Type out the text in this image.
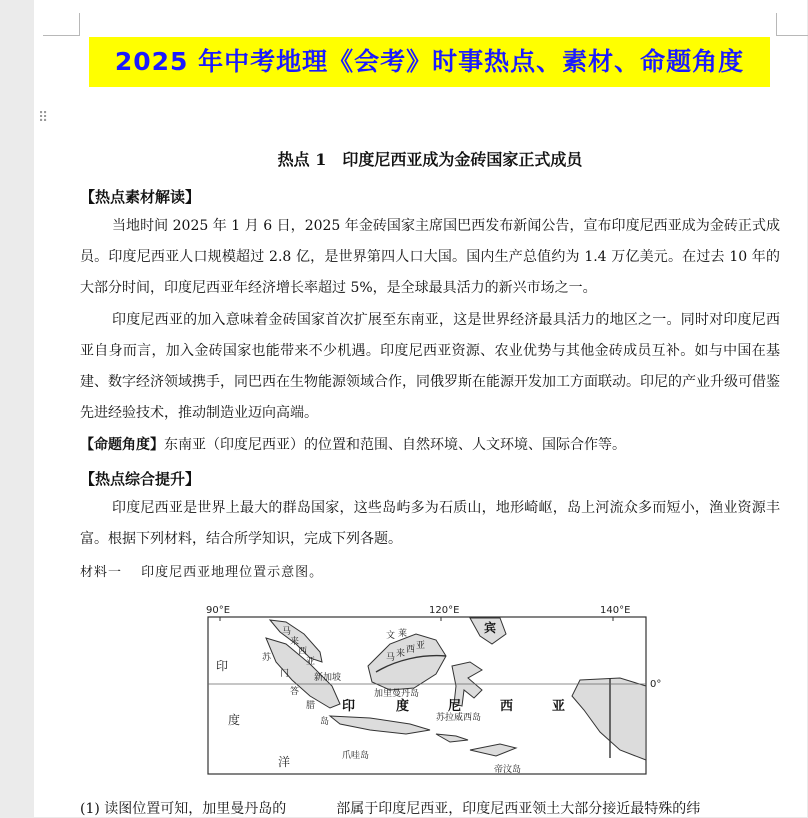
⠿
2025 年中考地理《会考》时事热点、素材、命题角度
热点 1　印度尼西亚成为金砖国家正式成员
【热点素材解读】
当地时间 2025 年 1 月 6 日，2025 年金砖国家主席国巴西发布新闻公告，宣布印度尼西亚成为金砖正式成员。印度尼西亚人口规模超过 2.8 亿，是世界第四人口大国。国内生产总值约为 1.4 万亿美元。在过去 10 年的大部分时间，印度尼西亚年经济增长率超过 5%，是全球最具活力的新兴市场之一。
印度尼西亚的加入意味着金砖国家首次扩展至东南亚，这是世界经济最具活力的地区之一。同时对印度尼西亚自身而言，加入金砖国家也能带来不少机遇。印度尼西亚资源、农业优势与其他金砖成员互补。如与中国在基建、数字经济领域携手，同巴西在生物能源领域合作，同俄罗斯在能源开发加工方面联动。印尼的产业升级可借鉴先进经验技术，推动制造业迈向高端。
【命题角度】东南亚（印度尼西亚）的位置和范围、自然环境、人文环境、国际合作等。
【热点综合提升】
印度尼西亚是世界上最大的群岛国家，这些岛屿多为石质山，地形崎岖，岛上河流众多而短小，渔业资源丰富。根据下列材料，结合所学知识，完成下列各题。
材料一　 印度尼西亚地理位置示意图。
90°E	120°E	140°E
0°
印
度
洋
印	度	尼	西	亚
苏
门
答
腊
岛
加里曼丹岛
苏拉威西岛
爪哇岛
帝汶岛
新加坡
马
来
西
亚	马 来 西 亚
文 莱	宾
(1) 读图位置可知，加里曼丹岛的	部属于印度尼西亚，印度尼西亚领土大部分接近最特殊的纬
